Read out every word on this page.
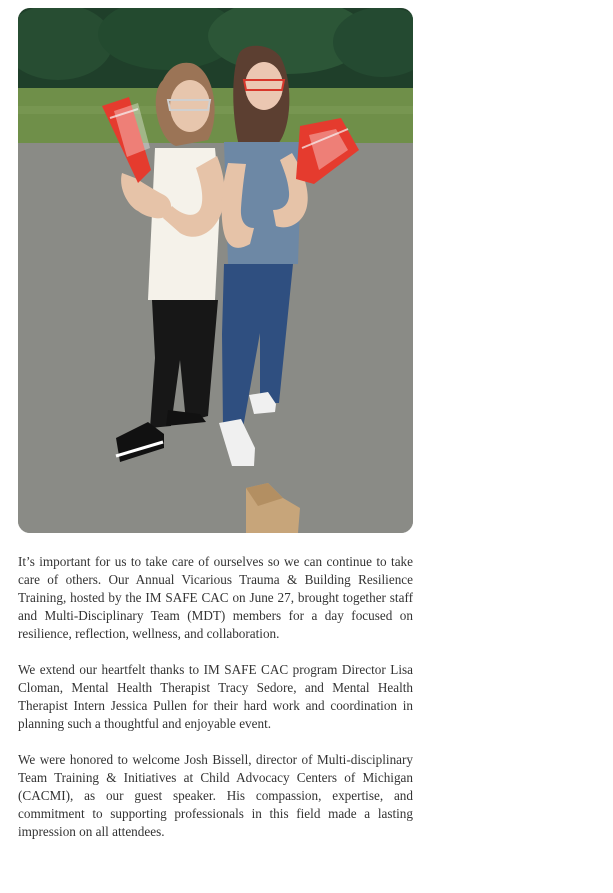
It’s important for us to take care of ourselves so we can continue to take care of others. Our Annual Vicarious Trauma & Building Resilience Training, hosted by the IM SAFE CAC on June 27, brought together staff and Multi-Disciplinary Team (MDT) members for a day focused on resilience, reflection, wellness, and collaboration.

We extend our heartfelt thanks to IM SAFE CAC program Director Lisa Cloman, Mental Health Therapist Tracy Sedore, and Mental Health Therapist Intern Jessica Pullen for their hard work and coordination in planning such a thoughtful and enjoyable event.

We were honored to welcome Josh Bissell, director of Multi-disciplinary Team Training & Initiatives at Child Advocacy Centers of Michigan (CACMI), as our guest speaker. His compassion, expertise, and commitment to supporting professionals in this field made a lasting impression on all attendees.
